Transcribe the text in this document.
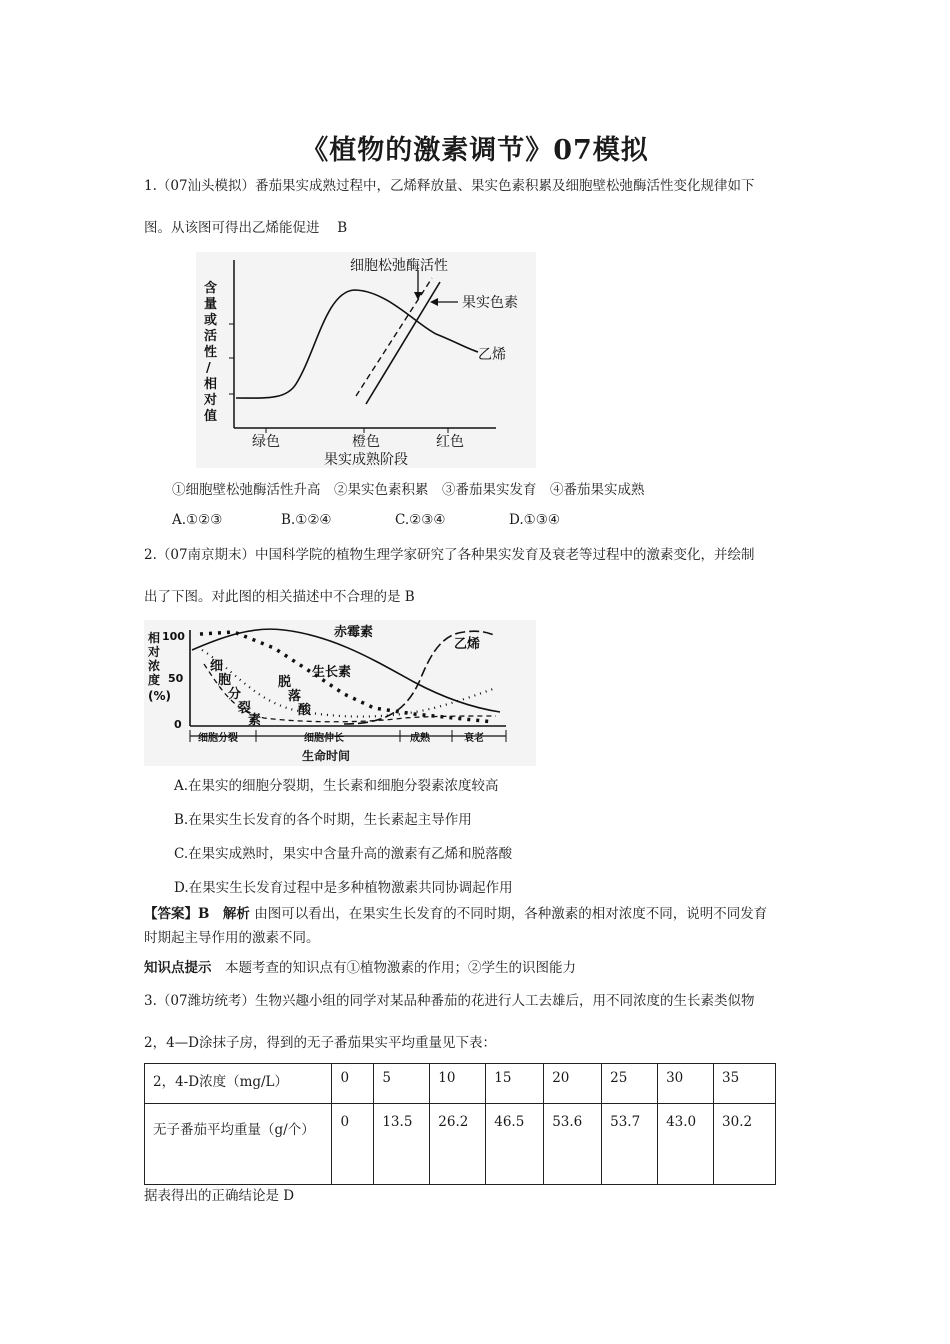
《植物的激素调节》07模拟
1.（07汕头模拟）番茄果实成熟过程中，乙烯释放量、果实色素积累及细胞壁松弛酶活性变化规律如下
图。从该图可得出乙烯能促进　 B
含
量
或
活
性
/
相
对
值
细胞松弛酶活性
果实色素
乙烯
绿色	橙色	红色
果实成熟阶段
①细胞壁松弛酶活性升高　②果实色素积累　③番茄果实发育　④番茄果实成熟
A.①②③	B.①②④	C.②③④	D.①③④
2.（07南京期末）中国科学院的植物生理学家研究了各种果实发育及衰老等过程中的激素变化，并绘制
出了下图。对此图的相关描述中不合理的是 B
100
50
0
相
对
浓
度
(%)
赤霉素
乙烯
生长素
脱
落
酸
细
胞
分
裂
素
细胞分裂	细胞伸长	成熟	衰老
生命时间
A.在果实的细胞分裂期，生长素和细胞分裂素浓度较高
B.在果实生长发育的各个时期，生长素起主导作用
C.在果实成熟时，果实中含量升高的激素有乙烯和脱落酸
D.在果实生长发育过程中是多种植物激素共同协调起作用
【答案】B　解析 由图可以看出，在果实生长发育的不同时期，各种激素的相对浓度不同，说明不同发育
时期起主导作用的激素不同。
知识点提示　本题考查的知识点有①植物激素的作用；②学生的识图能力
3.（07潍坊统考）生物兴趣小组的同学对某品种番茄的花进行人工去雄后，用不同浓度的生长素类似物
2，4—D涂抹子房，得到的无子番茄果实平均重量见下表：
2，4-D浓度（mg/L）	0	5	10	15	20	25	30	35
无子番茄平均重量（g/个）	0	13.5	26.2	46.5	53.6	53.7	43.0	30.2
据表得出的正确结论是 D
